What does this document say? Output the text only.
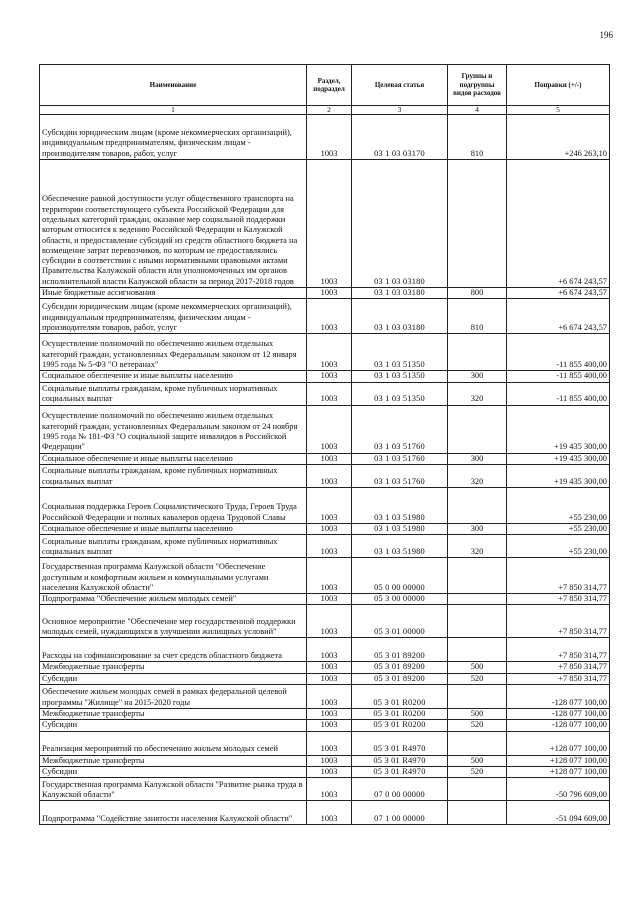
196
Наименование	Раздел, подраздел	Целевая статья	Группы и подгруппы видов расходов	Поправки (+/-)
1	2	3	4	5
Субсидии юридическим лицам (кроме некоммерческих организаций), индивидуальным предпринимателям, физическим лицам - производителям товаров, работ, услуг	1003	03 1 03 03170	810	+246 263,10
Обеспечение равной доступности услуг общественного транспорта на территории соответствующего субъекта Российской Федерации для отдельных категорий граждан, оказание мер социальной поддержки которым относится к ведению Российской Федерации и Калужской области, и предоставление субсидий из средств областного бюджета на возмещение затрат перевозчиков, по которым не предоставлялись субсидии в соответствии с иными нормативными правовыми актами Правительства Калужской области или уполномоченных им органов исполнительной власти Калужской области за период 2017-2018 годов	1003	03 1 03 03180		+6 674 243,57
Иные бюджетные ассигнования	1003	03 1 03 03180	800	+6 674 243,57
Субсидии юридическим лицам (кроме некоммерческих организаций), индивидуальным предпринимателям, физическим лицам - производителям товаров, работ, услуг	1003	03 1 03 03180	810	+6 674 243,57
Осуществление полномочий по обеспечению жильем отдельных категорий граждан, установленных Федеральным законом от 12 января 1995 года № 5-ФЗ "О ветеранах"	1003	03 1 03 51350		-11 855 400,00
Социальное обеспечение и иные выплаты населению	1003	03 1 03 51350	300	-11 855 400,00
Социальные выплаты гражданам, кроме публичных нормативных социальных выплат	1003	03 1 03 51350	320	-11 855 400,00
Осуществление полномочий по обеспечению жильем отдельных категорий граждан, установленных Федеральным законом от 24 ноября 1995 года № 181-ФЗ "О социальной защите инвалидов в Российской Федерации"	1003	03 1 03 51760		+19 435 300,00
Социальное обеспечение и иные выплаты населению	1003	03 1 03 51760	300	+19 435 300,00
Социальные выплаты гражданам, кроме публичных нормативных социальных выплат	1003	03 1 03 51760	320	+19 435 300,00
Социальная поддержка Героев Социалистического Труда, Героев Труда Российской Федерации и полных кавалеров ордена Трудовой Славы	1003	03 1 03 51980		+55 230,00
Социальное обеспечение и иные выплаты населению	1003	03 1 03 51980	300	+55 230,00
Социальные выплаты гражданам, кроме публичных нормативных социальных выплат	1003	03 1 03 51980	320	+55 230,00
Государственная программа Калужской области "Обеспечение доступным и комфортным жильем и коммунальными услугами населения Калужской области"	1003	05 0 00 00000		+7 850 314,77
Подпрограмма "Обеспечение жильем молодых семей"	1003	05 3 00 00000		+7 850 314,77
Основное мероприятие "Обеспечение мер государственной поддержки молодых семей, нуждающихся в улучшении жилищных условий"	1003	05 3 01 00000		+7 850 314,77
Расходы на софинансирование за счет средств областного бюджета	1003	05 3 01 89200		+7 850 314,77
Межбюджетные трансферты	1003	05 3 01 89200	500	+7 850 314,77
Субсидии	1003	05 3 01 89200	520	+7 850 314,77
Обеспечение жильем молодых семей в рамках федеральной целевой программы "Жилище" на 2015-2020 годы	1003	05 3 01 R0200		-128 077 100,00
Межбюджетные трансферты	1003	05 3 01 R0200	500	-128 077 100,00
Субсидии	1003	05 3 01 R0200	520	-128 077 100,00
Реализация мероприятий по обеспечению жильем молодых семей	1003	05 3 01 R4970		+128 077 100,00
Межбюджетные трансферты	1003	05 3 01 R4970	500	+128 077 100,00
Субсидии	1003	05 3 01 R4970	520	+128 077 100,00
Государственная программа Калужской области "Развитие рынка труда в Калужской области"	1003	07 0 00 00000		-50 796 609,00
Подпрограмма "Содействие занятости населения Калужской области"	1003	07 1 00 00000		-51 094 609,00
